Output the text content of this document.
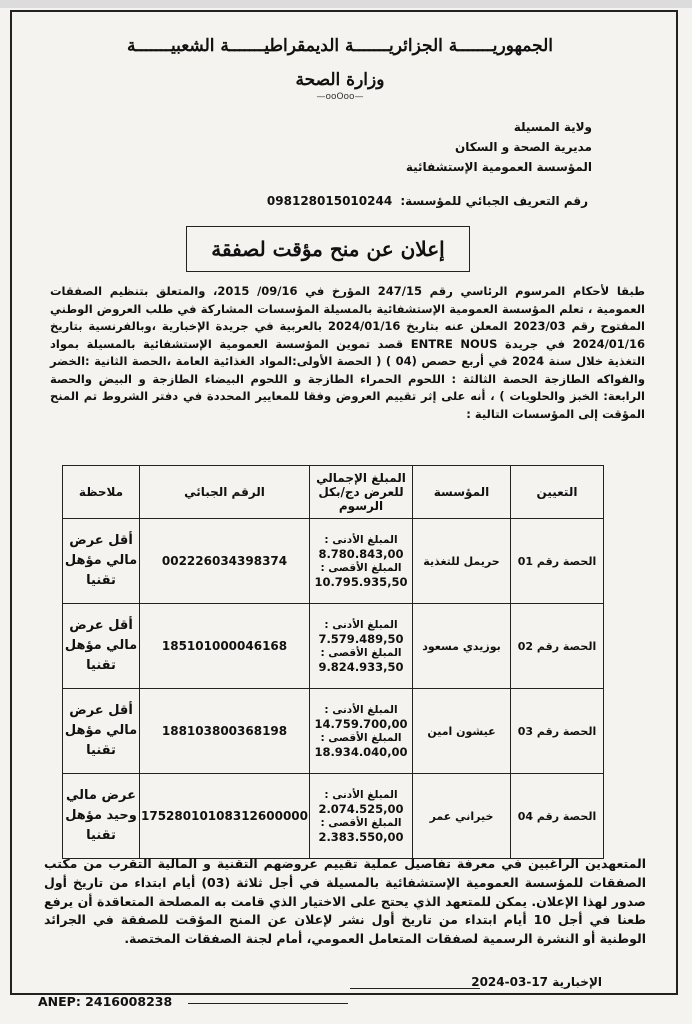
الجمهوريـــــــة الجزائريـــــــة الديمقراطيـــــــة الشعبيـــــــة
وزارة الصحة
—ooOoo—
ولاية المسيلة
مديرية الصحة و السكان
المؤسسة العمومية الإستشفائية
رقم التعريف الجبائي للمؤسسة: 098128015010244
إعلان عن منح مؤقت لصفقة
طبقا لأحكام المرسوم الرئاسي رقم 247/15 المؤرخ في 09/16/ 2015، والمتعلق بتنظيم الصفقات العمومية ، تعلم المؤسسة العمومية الإستشفائية بالمسيلة المؤسسات المشاركة في طلب العروض الوطني المفتوح رقم 2023/03 المعلن عنه بتاريخ 2024/01/16 بالعربية في جريدة الإخبارية ،وبالفرنسية بتاريخ 2024/01/16 في جريدة ENTRE NOUS قصد تموين المؤسسة العمومية الإستشفائية بالمسيلة بمواد التغذية خلال سنة 2024 في أربع حصص (04 ) ( الحصة الأولى:المواد الغذائية العامة ،الحصة الثانية :الخضر والفواكه الطازجة الحصة الثالثة : اللحوم الحمراء الطازجة و اللحوم البيضاء الطازجة و البيض والحصة الرابعة: الخبز والحلويات ) ، أنه على إثر تقييم العروض وفقا للمعايير المحددة في دفتر الشروط تم المنح المؤقت إلى المؤسسات التالية :
التعيين	المؤسسة	المبلغ الإجمالي للعرض دج/بكل الرسوم	الرقم الجبائي	ملاحظة
الحصة رقم 01	حريمل للتغذية	المبلغ الأدنى :
8.780.843,00
المبلغ الأقصى :
10.795.935,50	002226034398374	أقل عرض مالي مؤهل تقنيا
الحصة رقم 02	بوزيدي مسعود	المبلغ الأدنى :
7.579.489,50
المبلغ الأقصى :
9.824.933,50	185101000046168	أقل عرض مالي مؤهل تقنيا
الحصة رقم 03	عيشون امين	المبلغ الأدنى :
14.759.700,00
المبلغ الأقصى :
18.934.040,00	188103800368198	أقل عرض مالي مؤهل تقنيا
الحصة رقم 04	خيراني عمر	المبلغ الأدنى :
2.074.525,00
المبلغ الأقصى :
2.383.550,00	17528010108312600000	عرض مالي وحيد مؤهل تقنيا
المتعهدين الراغبين في معرفة تفاصيل عملية تقييم عروضهم التقنية و المالية التقرب من مكتب الصفقات للمؤسسة العمومية الإستشفائية بالمسيلة في أجل ثلاثة (03) أيام ابتداء من تاريخ أول صدور لهذا الإعلان. يمكن للمتعهد الذي يحتج على الاختيار الذي قامت به المصلحة المتعاقدة أن يرفع طعنا في أجل 10 أيام ابتداء من تاريخ أول نشر لإعلان عن المنح المؤقت للصفقة في الجرائد الوطنية أو النشرة الرسمية لصفقات المتعامل العمومي، أمام لجنة الصفقات المختصة.
الإخبارية 17-03-2024
ANEP: 2416008238
